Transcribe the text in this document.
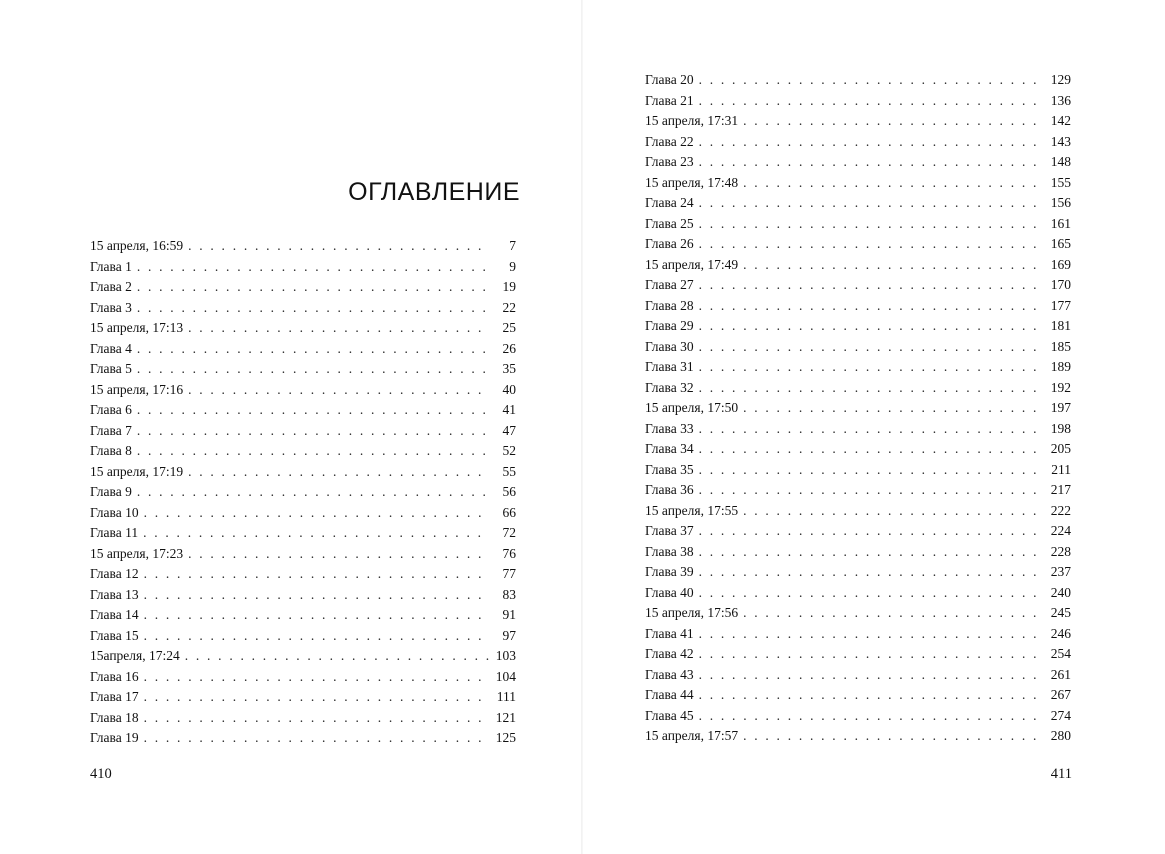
ОГЛАВЛЕНИЕ
15 апреля, 16:59 . . .	7
Глава 1 . . .	9
Глава 2 . . .	19
Глава 3 . . .	22
15 апреля, 17:13 . . .	25
Глава 4 . . .	26
Глава 5 . . .	35
15 апреля, 17:16 . . .	40
Глава 6 . . .	41
Глава 7 . . .	47
Глава 8 . . .	52
15 апреля, 17:19 . . .	55
Глава 9 . . .	56
Глава 10 . . .	66
Глава 11 . . .	72
15 апреля, 17:23 . . .	76
Глава 12 . . .	77
Глава 13 . . .	83
Глава 14 . . .	91
Глава 15 . . .	97
15апреля, 17:24 . . .	103
Глава 16 . . .	104
Глава 17 . . .	111
Глава 18 . . .	121
Глава 19 . . .	125
410
Глава 20 . . .	129
Глава 21 . . .	136
15 апреля, 17:31 . . .	142
Глава 22 . . .	143
Глава 23 . . .	148
15 апреля, 17:48 . . .	155
Глава 24 . . .	156
Глава 25 . . .	161
Глава 26 . . .	165
15 апреля, 17:49 . . .	169
Глава 27 . . .	170
Глава 28 . . .	177
Глава 29 . . .	181
Глава 30 . . .	185
Глава 31 . . .	189
Глава 32 . . .	192
15 апреля, 17:50 . . .	197
Глава 33 . . .	198
Глава 34 . . .	205
Глава 35 . . .	211
Глава 36 . . .	217
15 апреля, 17:55 . . .	222
Глава 37 . . .	224
Глава 38 . . .	228
Глава 39 . . .	237
Глава 40 . . .	240
15 апреля, 17:56 . . .	245
Глава 41 . . .	246
Глава 42 . . .	254
Глава 43 . . .	261
Глава 44 . . .	267
Глава 45 . . .	274
15 апреля, 17:57 . . .	280
411
